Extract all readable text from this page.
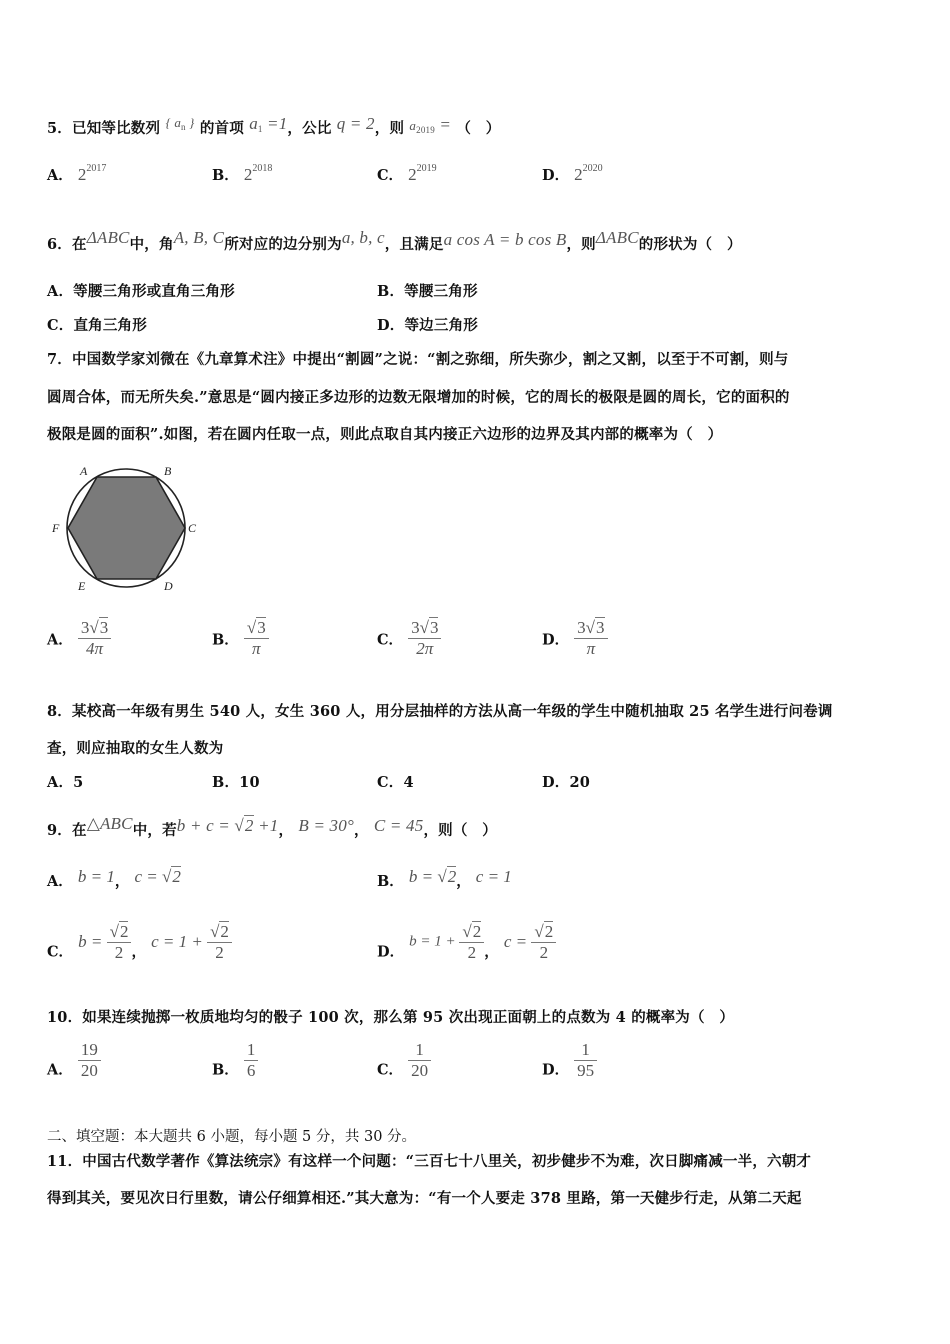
5．已知等比数列 { $a_n$ } 的首项 $a_1 =1$，公比 q = 2，则 $a_{2019}$ = （　）
A． $2^{2017}$	B． $2^{2018}$	C． $2^{2019}$	D． $2^{2020}$
6．在ΔABC中，角A, B, C所对应的边分别为a, b, c，且满足a cos A = b cos B，则ΔABC的形状为（　）
A．等腰三角形或直角三角形	B．等腰三角形
C．直角三角形	D．等边三角形
7．中国数学家刘微在《九章算术注》中提出“割圆”之说：“割之弥细，所失弥少，割之又割，以至于不可割，则与
圆周合体，而无所失矣.”意思是“圆内接正多边形的边数无限增加的时候，它的周长的极限是圆的周长，它的面积的
极限是圆的面积”.如图，若在圆内任取一点，则此点取自其内接正六边形的边界及其内部的概率为（　）
A	B
C
D
E
F
A． $\frac{3√3}{4\pi}$	B． $\frac{√3}{\pi}$	C． $\frac{3√3}{2\pi}$	D． $\frac{3√3}{\pi}$
8．某校高一年级有男生 540 人，女生 360 人，用分层抽样的方法从高一年级的学生中随机抽取 25 名学生进行问卷调
查，则应抽取的女生人数为
A．5	B．10	C．4	D．20
9．在△ABC中，若b + c = √2 +1， B = 30°， C = 45，则（　）
A． b = 1， c = √2	B． b = √2， c = 1
C． $b = \frac{√2}{2}$ ， $c = 1 + \frac{√2}{2}$	D． $b = 1 + \frac{√2}{2}$ ， $c = \frac{√2}{2}$
10．如果连续抛掷一枚质地均匀的骰子 100 次，那么第 95 次出现正面朝上的点数为 4 的概率为（　）
A． $\frac{19}{20}$	B． $\frac{1}{6}$	C． $\frac{1}{20}$	D． $\frac{1}{95}$
二、填空题：本大题共 6 小题，每小题 5 分，共 30 分。
11．中国古代数学著作《算法统宗》有这样一个问题：“三百七十八里关，初步健步不为难，次日脚痛减一半，六朝才
得到其关，要见次日行里数，请公仔细算相还.”其大意为：“有一个人要走 378 里路，第一天健步行走，从第二天起
